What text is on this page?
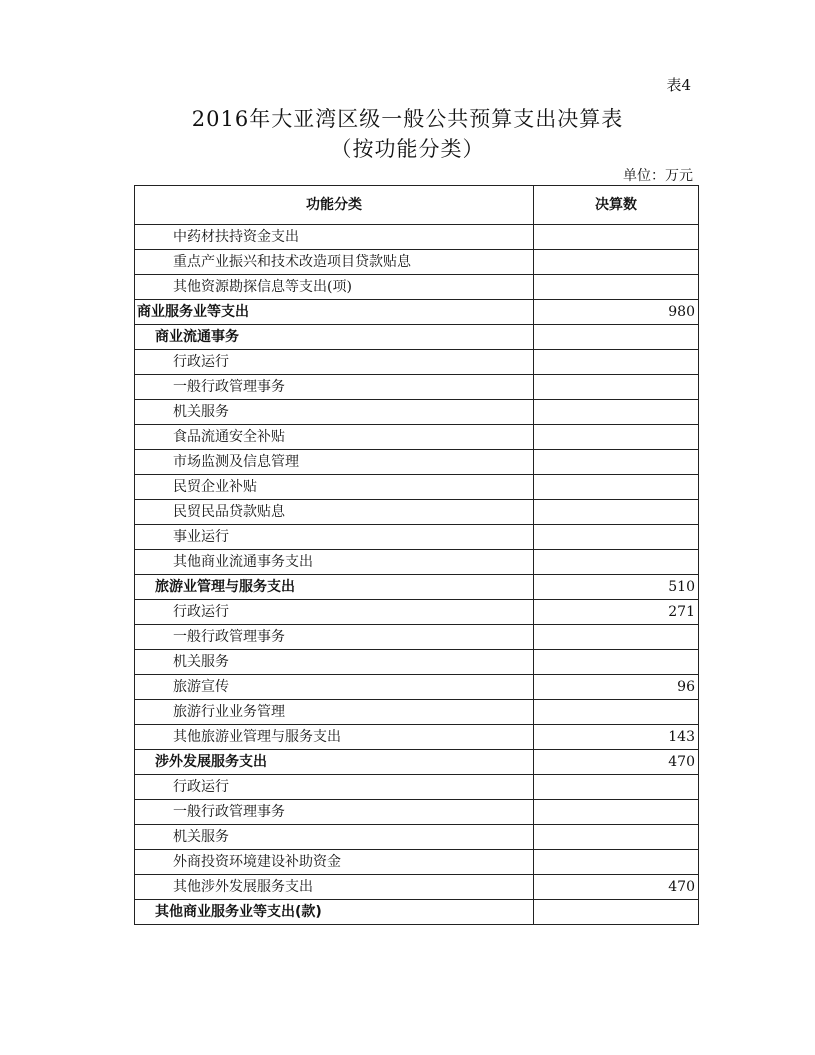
表4
2016年大亚湾区级一般公共预算支出决算表
（按功能分类）
单位：万元
功能分类	决算数
中药材扶持资金支出	
重点产业振兴和技术改造项目贷款贴息	
其他资源勘探信息等支出(项)	
商业服务业等支出	980
商业流通事务	
行政运行	
一般行政管理事务	
机关服务	
食品流通安全补贴	
市场监测及信息管理	
民贸企业补贴	
民贸民品贷款贴息	
事业运行	
其他商业流通事务支出	
旅游业管理与服务支出	510
行政运行	271
一般行政管理事务	
机关服务	
旅游宣传	96
旅游行业业务管理	
其他旅游业管理与服务支出	143
涉外发展服务支出	470
行政运行	
一般行政管理事务	
机关服务	
外商投资环境建设补助资金	
其他涉外发展服务支出	470
其他商业服务业等支出(款)	
